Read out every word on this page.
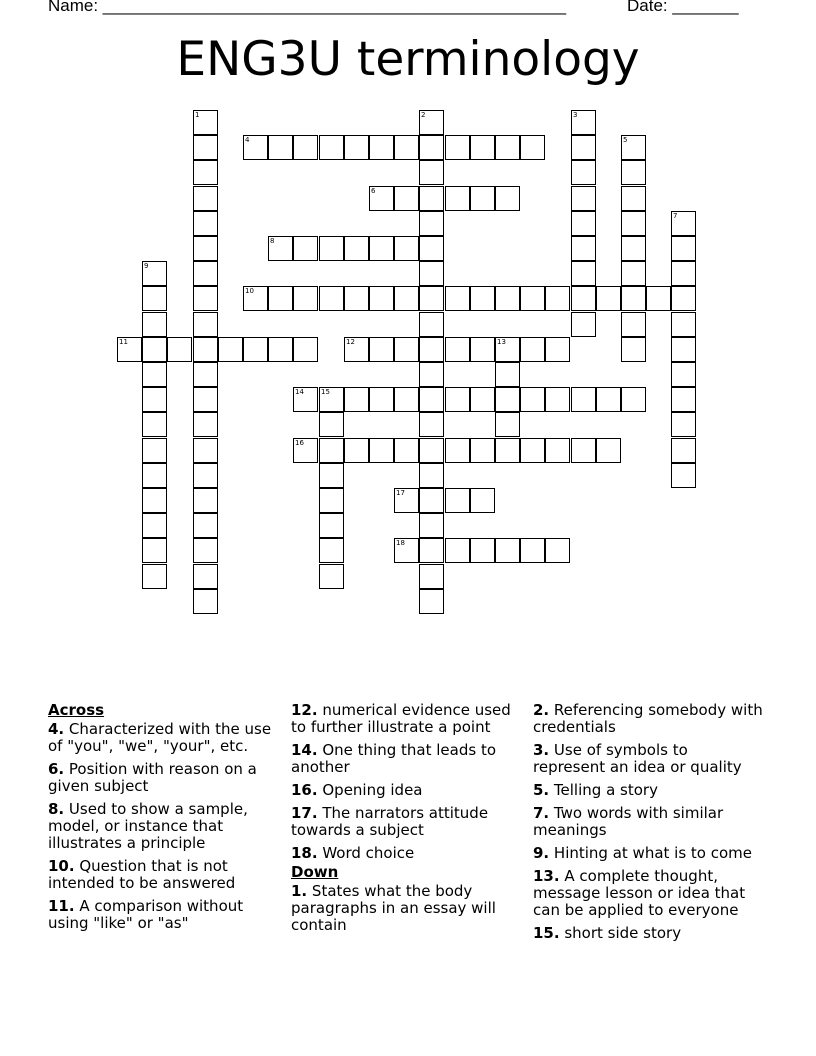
Name: _________________________________________________	Date: _______
ENG3U terminology
1	2	3
4	5
6
7
8
9
10
11	12	13
14 15
16
17
18
Across
4. Characterized with the use of "you", "we", "your", etc.
6. Position with reason on a given subject
8. Used to show a sample, model, or instance that illustrates a principle
10. Question that is not intended to be answered
11. A comparison without using "like" or "as"
12. numerical evidence used to further illustrate a point
14. One thing that leads to another
16. Opening idea
17. The narrators attitude towards a subject
18. Word choice
Down
1. States what the body paragraphs in an essay will contain
2. Referencing somebody with credentials
3. Use of symbols to represent an idea or quality
5. Telling a story
7. Two words with similar meanings
9. Hinting at what is to come
13. A complete thought, message lesson or idea that can be applied to everyone
15. short side story
